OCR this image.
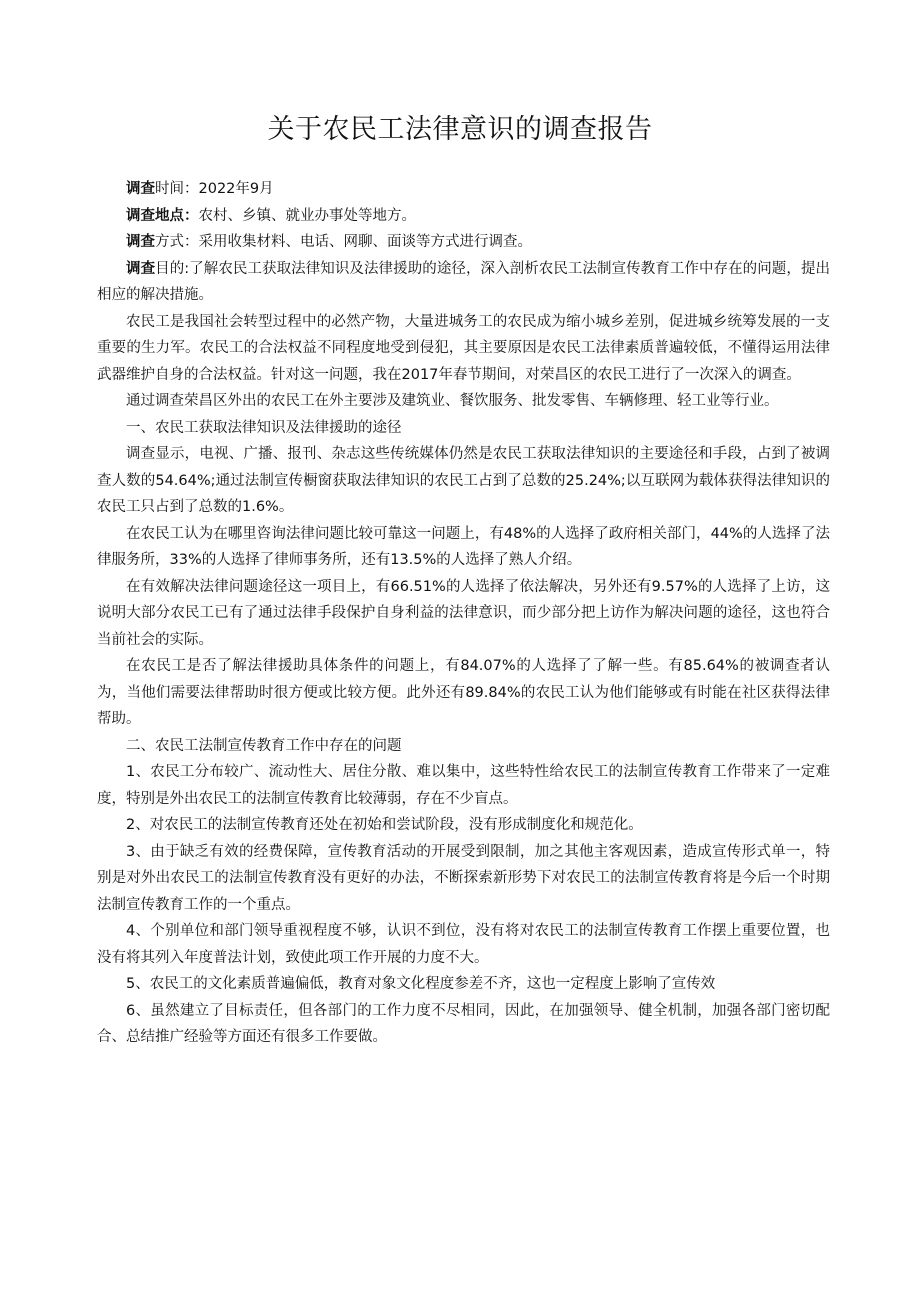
关于农民工法律意识的调查报告

调查时间：2022年9月

调查地点：农村、乡镇、就业办事处等地方。

调查方式：采用收集材料、电话、网聊、面谈等方式进行调查。

调查目的:了解农民工获取法律知识及法律援助的途径，深入剖析农民工法制宣传教育工作中存在的问题，提出相应的解决措施。

农民工是我国社会转型过程中的必然产物，大量进城务工的农民成为缩小城乡差别，促进城乡统筹发展的一支重要的生力军。农民工的合法权益不同程度地受到侵犯，其主要原因是农民工法律素质普遍较低，不懂得运用法律武器维护自身的合法权益。针对这一问题，我在2017年春节期间，对荣昌区的农民工进行了一次深入的调查。

通过调查荣昌区外出的农民工在外主要涉及建筑业、餐饮服务、批发零售、车辆修理、轻工业等行业。

一、农民工获取法律知识及法律援助的途径

调查显示，电视、广播、报刊、杂志这些传统媒体仍然是农民工获取法律知识的主要途径和手段，占到了被调查人数的54.64%;通过法制宣传橱窗获取法律知识的农民工占到了总数的25.24%;以互联网为载体获得法律知识的农民工只占到了总数的1.6%。

在农民工认为在哪里咨询法律问题比较可靠这一问题上，有48%的人选择了政府相关部门，44%的人选择了法律服务所，33%的人选择了律师事务所，还有13.5%的人选择了熟人介绍。

在有效解决法律问题途径这一项目上，有66.51%的人选择了依法解决，另外还有9.57%的人选择了上访，这说明大部分农民工已有了通过法律手段保护自身利益的法律意识，而少部分把上访作为解决问题的途径，这也符合当前社会的实际。

在农民工是否了解法律援助具体条件的问题上，有84.07%的人选择了了解一些。有85.64%的被调查者认为，当他们需要法律帮助时很方便或比较方便。此外还有89.84%的农民工认为他们能够或有时能在社区获得法律帮助。

二、农民工法制宣传教育工作中存在的问题

1、农民工分布较广、流动性大、居住分散、难以集中，这些特性给农民工的法制宣传教育工作带来了一定难度，特别是外出农民工的法制宣传教育比较薄弱，存在不少盲点。

2、对农民工的法制宣传教育还处在初始和尝试阶段，没有形成制度化和规范化。

3、由于缺乏有效的经费保障，宣传教育活动的开展受到限制，加之其他主客观因素，造成宣传形式单一，特别是对外出农民工的法制宣传教育没有更好的办法，不断探索新形势下对农民工的法制宣传教育将是今后一个时期法制宣传教育工作的一个重点。

4、个别单位和部门领导重视程度不够，认识不到位，没有将对农民工的法制宣传教育工作摆上重要位置，也没有将其列入年度普法计划，致使此项工作开展的力度不大。

5、农民工的文化素质普遍偏低，教育对象文化程度参差不齐，这也一定程度上影响了宣传效

6、虽然建立了目标责任，但各部门的工作力度不尽相同，因此，在加强领导、健全机制，加强各部门密切配合、总结推广经验等方面还有很多工作要做。
